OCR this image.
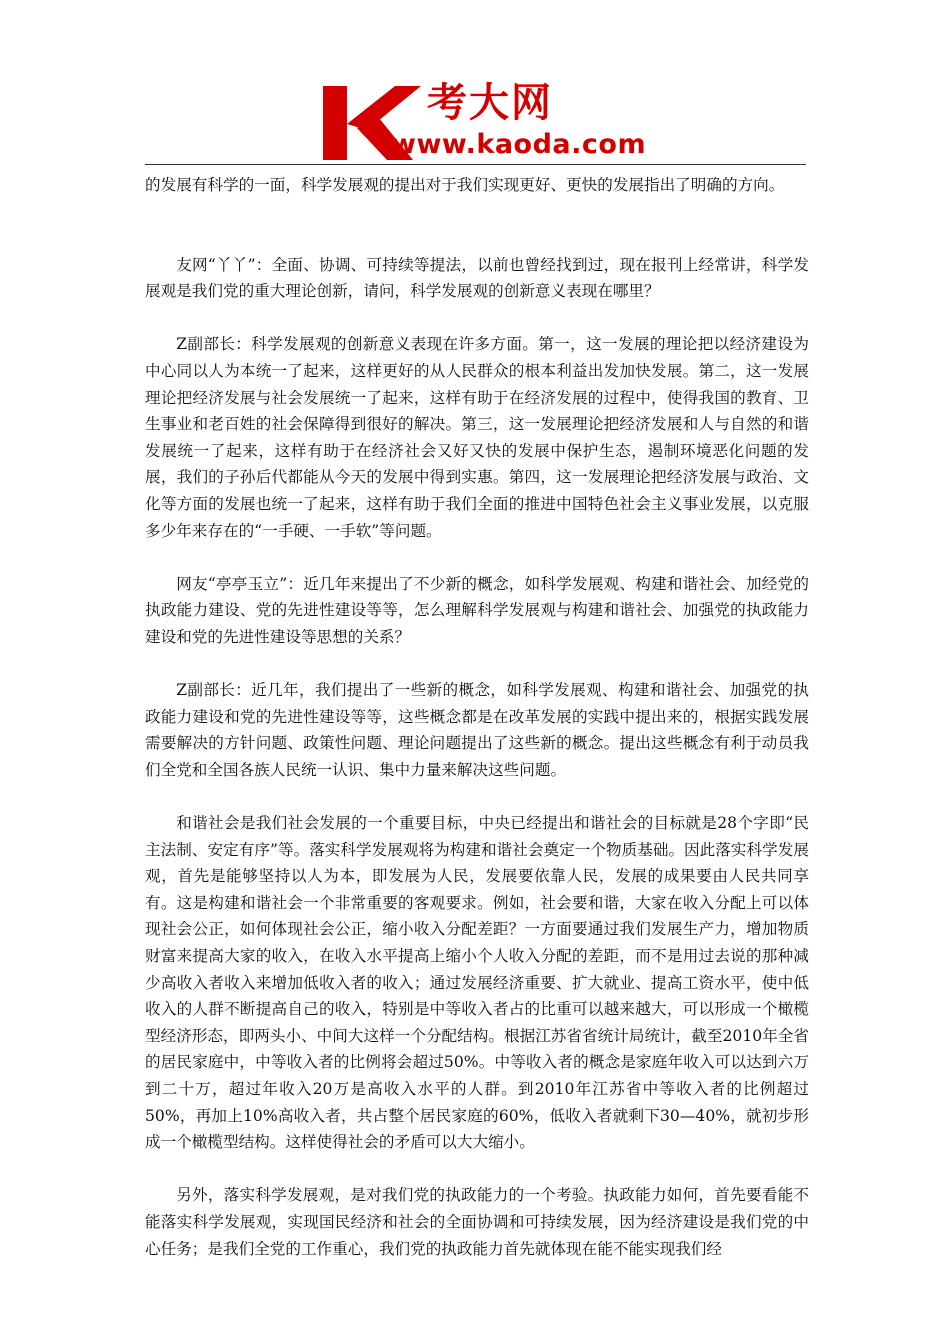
K
考大网
www.kaoda.com

的发展有科学的一面，科学发展观的提出对于我们实现更好、更快的发展指出了明确的方向。

友网“丫丫”：全面、协调、可持续等提法，以前也曾经找到过，现在报刊上经常讲，科学发展观是我们党的重大理论创新，请问，科学发展观的创新意义表现在哪里？

Z副部长：科学发展观的创新意义表现在许多方面。第一，这一发展的理论把以经济建设为中心同以人为本统一了起来，这样更好的从人民群众的根本利益出发加快发展。第二，这一发展理论把经济发展与社会发展统一了起来，这样有助于在经济发展的过程中，使得我国的教育、卫生事业和老百姓的社会保障得到很好的解决。第三，这一发展理论把经济发展和人与自然的和谐发展统一了起来，这样有助于在经济社会又好又快的发展中保护生态，遏制环境恶化问题的发展，我们的子孙后代都能从今天的发展中得到实惠。第四，这一发展理论把经济发展与政治、文化等方面的发展也统一了起来，这样有助于我们全面的推进中国特色社会主义事业发展，以克服多少年来存在的“一手硬、一手软”等问题。

网友“亭亭玉立”：近几年来提出了不少新的概念，如科学发展观、构建和谐社会、加经党的执政能力建设、党的先进性建设等等，怎么理解科学发展观与构建和谐社会、加强党的执政能力建设和党的先进性建设等思想的关系？

Z副部长：近几年，我们提出了一些新的概念，如科学发展观、构建和谐社会、加强党的执政能力建设和党的先进性建设等等，这些概念都是在改革发展的实践中提出来的，根据实践发展需要解决的方针问题、政策性问题、理论问题提出了这些新的概念。提出这些概念有利于动员我们全党和全国各族人民统一认识、集中力量来解决这些问题。

和谐社会是我们社会发展的一个重要目标，中央已经提出和谐社会的目标就是28个字即“民主法制、安定有序”等。落实科学发展观将为构建和谐社会奠定一个物质基础。因此落实科学发展观，首先是能够坚持以人为本，即发展为人民，发展要依靠人民，发展的成果要由人民共同享有。这是构建和谐社会一个非常重要的客观要求。例如，社会要和谐，大家在收入分配上可以体现社会公正，如何体现社会公正，缩小收入分配差距？一方面要通过我们发展生产力，增加物质财富来提高大家的收入，在收入水平提高上缩小个人收入分配的差距，而不是用过去说的那种减少高收入者收入来增加低收入者的收入；通过发展经济重要、扩大就业、提高工资水平，使中低收入的人群不断提高自己的收入，特别是中等收入者占的比重可以越来越大，可以形成一个橄榄型经济形态，即两头小、中间大这样一个分配结构。根据江苏省省统计局统计，截至2010年全省的居民家庭中，中等收入者的比例将会超过50%。中等收入者的概念是家庭年收入可以达到六万到二十万，超过年收入20万是高收入水平的人群。到2010年江苏省中等收入者的比例超过50%，再加上10%高收入者，共占整个居民家庭的60%，低收入者就剩下30—40%，就初步形成一个橄榄型结构。这样使得社会的矛盾可以大大缩小。

另外，落实科学发展观，是对我们党的执政能力的一个考验。执政能力如何，首先要看能不能落实科学发展观，实现国民经济和社会的全面协调和可持续发展，因为经济建设是我们党的中心任务；是我们全党的工作重心，我们党的执政能力首先就体现在能不能实现我们经
